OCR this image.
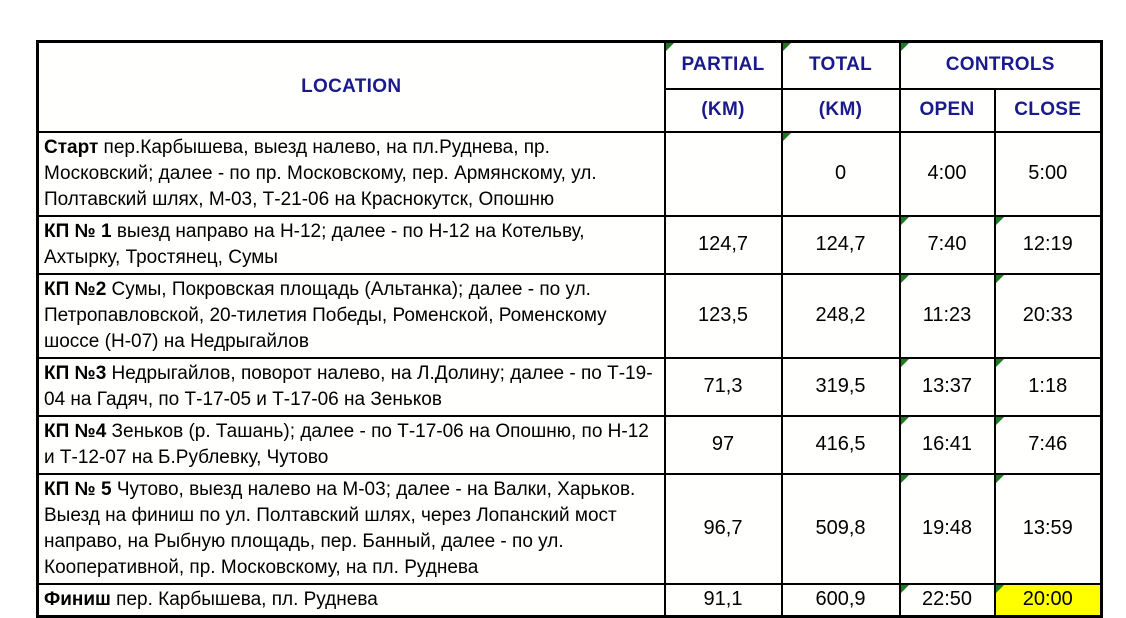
LOCATION	PARTIAL	TOTAL	CONTROLS	
	(KM)	(KM)	OPEN	CLOSE
Старт пер.Карбышева, выезд налево, на пл.Руднева, пр. Московский; далее - по пр. Московскому, пер. Армянскому, ул. Полтавский шлях, М-03, Т-21-06 на Краснокутск, Опошню		0	4:00	5:00
КП № 1 выезд направо на Н-12; далее - по Н-12 на Котельву, Ахтырку, Тростянец, Сумы	124,7	124,7	7:40	12:19
КП №2 Сумы, Покровская площадь (Альтанка); далее - по ул. Петропавловской, 20-тилетия Победы, Роменской, Роменскому шоссе (Н-07) на Недрыгайлов	123,5	248,2	11:23	20:33
КП №3 Недрыгайлов, поворот налево, на Л.Долину; далее - по Т-19-04 на Гадяч, по Т-17-05 и Т-17-06 на Зеньков	71,3	319,5	13:37	1:18
КП №4 Зеньков (р. Ташань); далее - по Т-17-06 на Опошню, по Н-12 и Т-12-07 на Б.Рублевку, Чутово	97	416,5	16:41	7:46
КП № 5 Чутово, выезд налево на М-03; далее - на Валки, Харьков. Выезд на финиш по ул. Полтавский шлях, через Лопанский мост направо, на Рыбную площадь, пер. Банный, далее - по ул. Кооперативной, пр. Московскому, на пл. Руднева	96,7	509,8	19:48	13:59
Финиш пер. Карбышева, пл. Руднева	91,1	600,9	22:50	20:00
